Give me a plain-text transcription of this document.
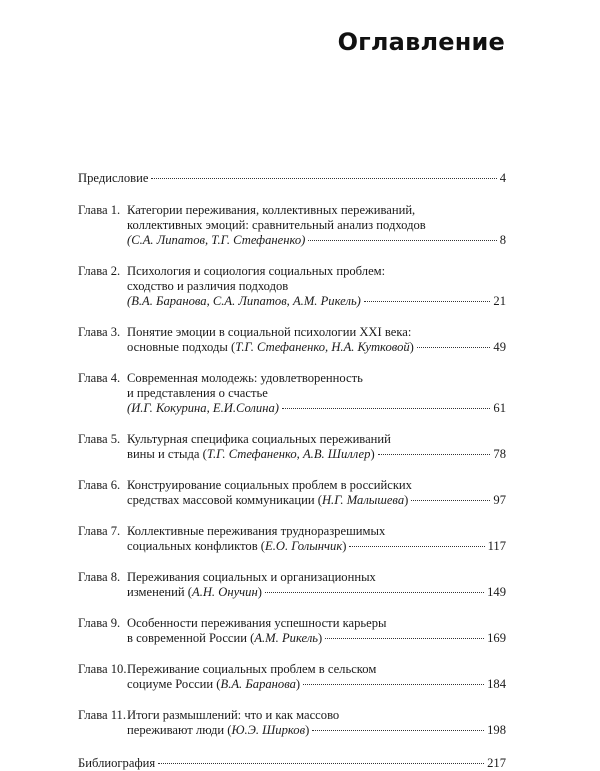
Оглавление
Предисловие	4
Глава 1. Категории переживания, коллективных переживаний,
коллективных эмоций: сравнительный анализ подходов
(С.А. Липатов, Т.Г. Стефаненко)	8
Глава 2. Психология и социология социальных проблем:
сходство и различия подходов
(В.А. Баранова, С.А. Липатов, А.М. Рикель)	21
Глава 3. Понятие эмоции в социальной психологии XXI века:
основные подходы (Т.Г. Стефаненко, Н.А. Кутковой)	49
Глава 4. Современная молодежь: удовлетворенность
и представления о счастье
(И.Г. Кокурина, Е.И.Солина)	61
Глава 5. Культурная специфика социальных переживаний
вины и стыда (Т.Г. Стефаненко, А.В. Шиллер)	78
Глава 6. Конструирование социальных проблем в российских
средствах массовой коммуникации (Н.Г. Малышева)	97
Глава 7. Коллективные переживания трудноразрешимых
социальных конфликтов (Е.О. Голынчик)	117
Глава 8. Переживания социальных и организационных
изменений (А.Н. Онучин)	149
Глава 9. Особенности переживания успешности карьеры
в современной России (А.М. Рикель)	169
Глава 10. Переживание социальных проблем в сельском
социуме России (В.А. Баранова)	184
Глава 11. Итоги размышлений: что и как массово
переживают люди (Ю.Э. Ширков)	198
Библиография	217
